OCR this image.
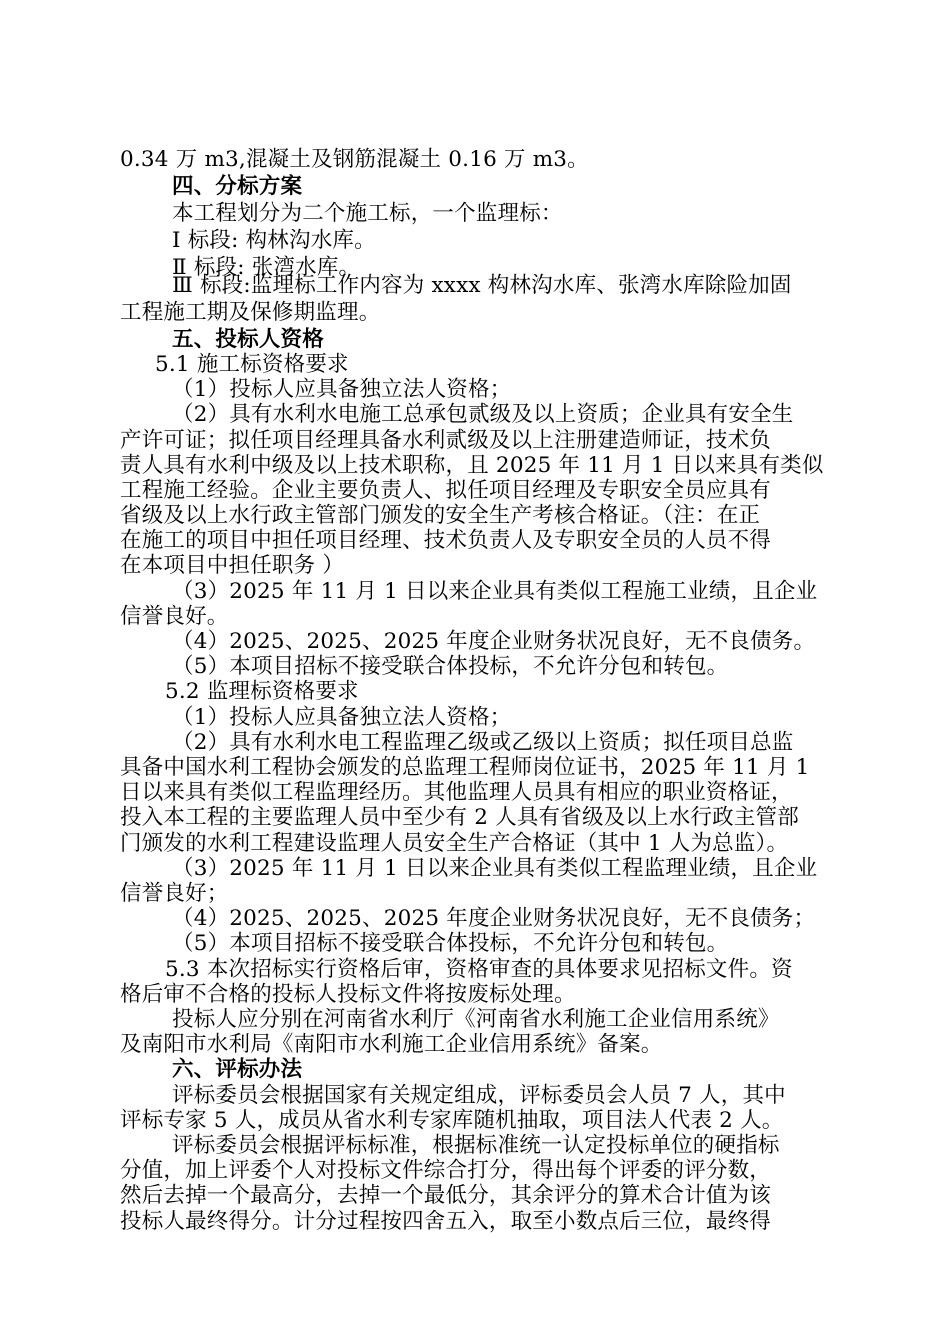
0.34 万 m3,混凝土及钢筋混凝土 0.16 万 m3。
四、分标方案
本工程划分为二个施工标，一个监理标：
Ⅰ 标段: 构林沟水库。
Ⅱ 标段: 张湾水库。
Ⅲ 标段:监理标工作内容为 xxxx 构林沟水库、张湾水库除险加固
工程施工期及保修期监理。
五、投标人资格
5.1 施工标资格要求
（1）投标人应具备独立法人资格；
（2）具有水利水电施工总承包贰级及以上资质；企业具有安全生
产许可证；拟任项目经理具备水利贰级及以上注册建造师证，技术负
责人具有水利中级及以上技术职称，且 2025 年 11 月 1 日以来具有类似
工程施工经验。企业主要负责人、拟任项目经理及专职安全员应具有
省级及以上水行政主管部门颁发的安全生产考核合格证。（注：在正
在施工的项目中担任项目经理、技术负责人及专职安全员的人员不得
在本项目中担任职务 ）
（3）2025 年 11 月 1 日以来企业具有类似工程施工业绩，且企业
信誉良好。
（4）2025、2025、2025 年度企业财务状况良好，无不良债务。
（5）本项目招标不接受联合体投标，不允许分包和转包。
5.2 监理标资格要求
（1）投标人应具备独立法人资格；
（2）具有水利水电工程监理乙级或乙级以上资质；拟任项目总监
具备中国水利工程协会颁发的总监理工程师岗位证书，2025 年 11 月 1
日以来具有类似工程监理经历。其他监理人员具有相应的职业资格证，
投入本工程的主要监理人员中至少有 2 人具有省级及以上水行政主管部
门颁发的水利工程建设监理人员安全生产合格证（其中 1 人为总监）。
（3）2025 年 11 月 1 日以来企业具有类似工程监理业绩，且企业
信誉良好；
（4）2025、2025、2025 年度企业财务状况良好，无不良债务；
（5）本项目招标不接受联合体投标，不允许分包和转包。
5.3 本次招标实行资格后审，资格审查的具体要求见招标文件。资
格后审不合格的投标人投标文件将按废标处理。
投标人应分别在河南省水利厅《河南省水利施工企业信用系统》
及南阳市水利局《南阳市水利施工企业信用系统》备案。
六、评标办法
评标委员会根据国家有关规定组成，评标委员会人员 7 人，其中
评标专家 5 人，成员从省水利专家库随机抽取，项目法人代表 2 人。
评标委员会根据评标标准，根据标准统一认定投标单位的硬指标
分值，加上评委个人对投标文件综合打分，得出每个评委的评分数，
然后去掉一个最高分，去掉一个最低分，其余评分的算术合计值为该
投标人最终得分。计分过程按四舍五入，取至小数点后三位，最终得
